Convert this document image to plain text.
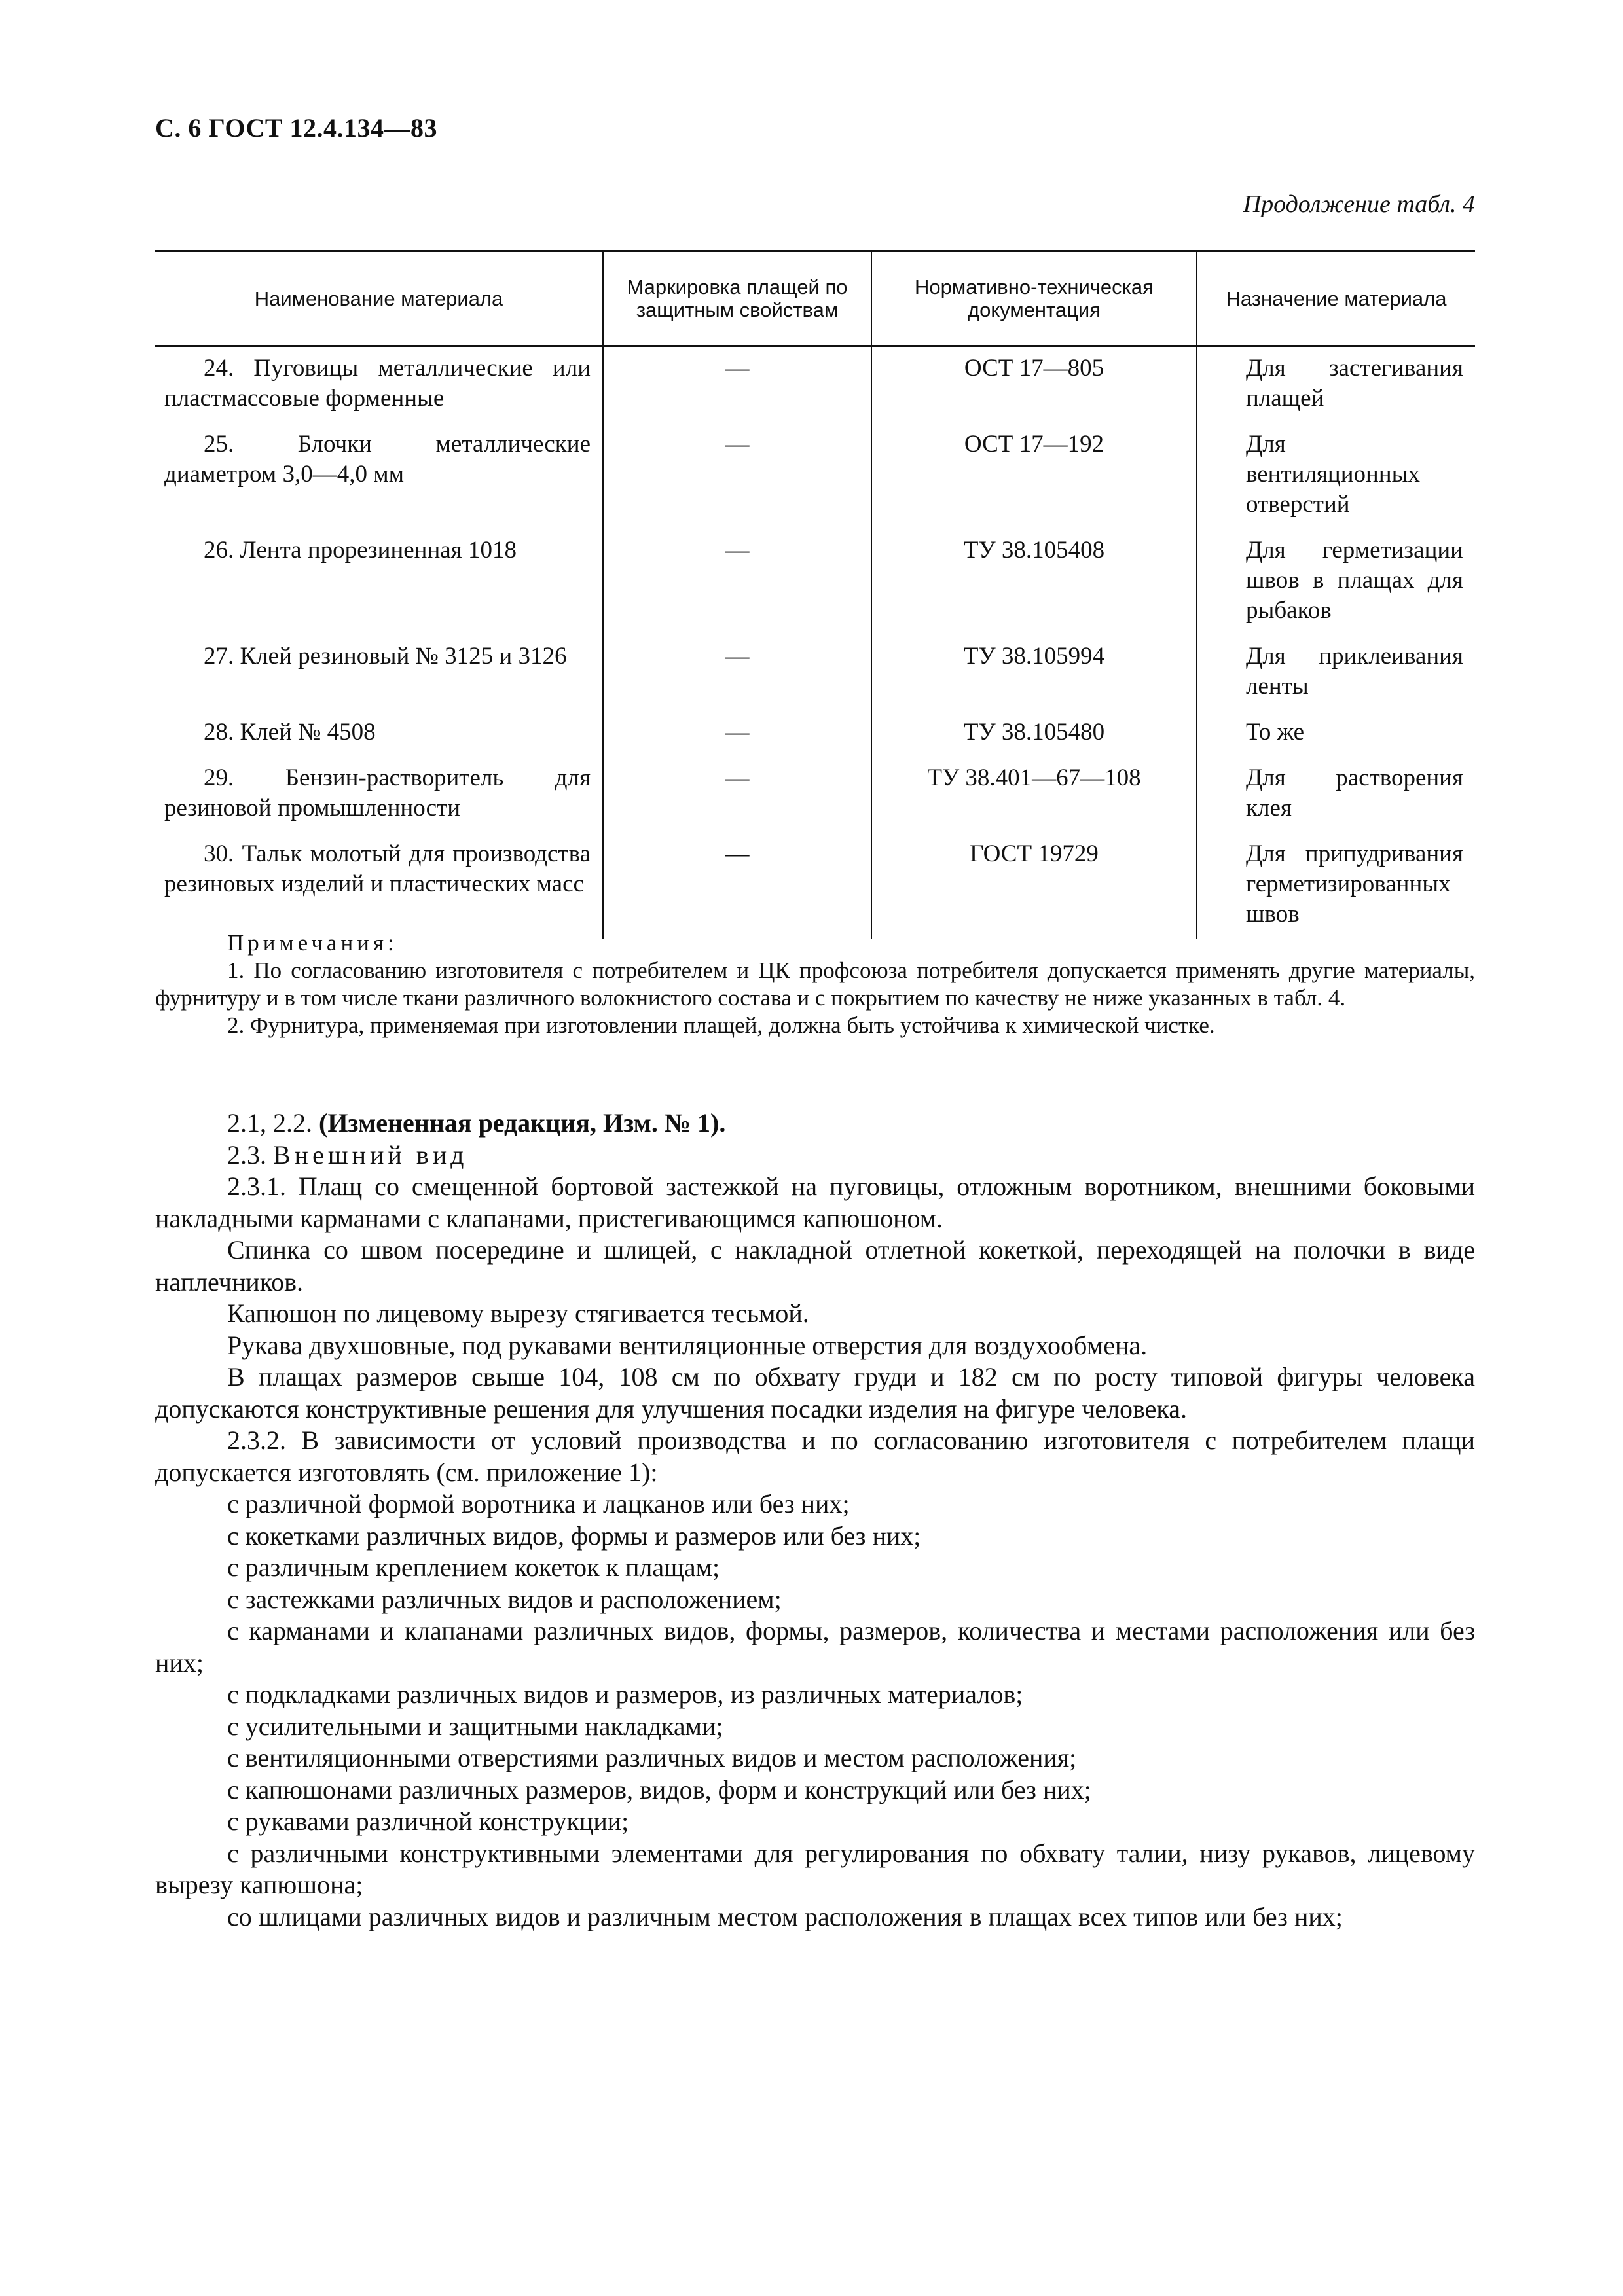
С. 6 ГОСТ 12.4.134—83
Продолжение табл. 4
Наименование материала	Маркировка плащей по защитным свойствам	Нормативно-техническая документация	Назначение материала
24. Пуговицы металлические или пластмассовые форменные	—	ОСТ 17—805	Для застегивания плащей
25. Блочки металлические диаметром 3,0—4,0 мм	—	ОСТ 17—192	Для вентиляционных отверстий
26. Лента прорезиненная 1018	—	ТУ 38.105408	Для герметизации швов в плащах для рыбаков
27. Клей резиновый № 3125 и 3126	—	ТУ 38.105994	Для приклеивания ленты
28. Клей № 4508	—	ТУ 38.105480	То же
29. Бензин-растворитель для резиновой промышленности	—	ТУ 38.401—67—108	Для растворения клея
30. Тальк молотый для производства резиновых изделий и пластических масс	—	ГОСТ 19729	Для припудривания герметизированных швов

Примечания:

1. По согласованию изготовителя с потребителем и ЦК профсоюза потребителя допускается применять другие материалы, фурнитуру и в том числе ткани различного волокнистого состава и с покрытием по качеству не ниже указанных в табл. 4.

2. Фурнитура, применяемая при изготовлении плащей, должна быть устойчива к химической чистке.

2.1, 2.2. (Измененная редакция, Изм. № 1).

2.3. Внешний вид

2.3.1. Плащ со смещенной бортовой застежкой на пуговицы, отложным воротником, внешними боковыми накладными карманами с клапанами, пристегивающимся капюшоном.

Спинка со швом посередине и шлицей, с накладной отлетной кокеткой, переходящей на полочки в виде наплечников.

Капюшон по лицевому вырезу стягивается тесьмой.

Рукава двухшовные, под рукавами вентиляционные отверстия для воздухообмена.

В плащах размеров свыше 104, 108 см по обхвату груди и 182 см по росту типовой фигуры человека допускаются конструктивные решения для улучшения посадки изделия на фигуре человека.

2.3.2. В зависимости от условий производства и по согласованию изготовителя с потребителем плащи допускается изготовлять (см. приложение 1):

с различной формой воротника и лацканов или без них;

с кокетками различных видов, формы и размеров или без них;

с различным креплением кокеток к плащам;

с застежками различных видов и расположением;

с карманами и клапанами различных видов, формы, размеров, количества и местами расположения или без них;

с подкладками различных видов и размеров, из различных материалов;

с усилительными и защитными накладками;

с вентиляционными отверстиями различных видов и местом расположения;

с капюшонами различных размеров, видов, форм и конструкций или без них;

с рукавами различной конструкции;

с различными конструктивными элементами для регулирования по обхвату талии, низу рукавов, лицевому вырезу капюшона;

со шлицами различных видов и различным местом расположения в плащах всех типов или без них;
